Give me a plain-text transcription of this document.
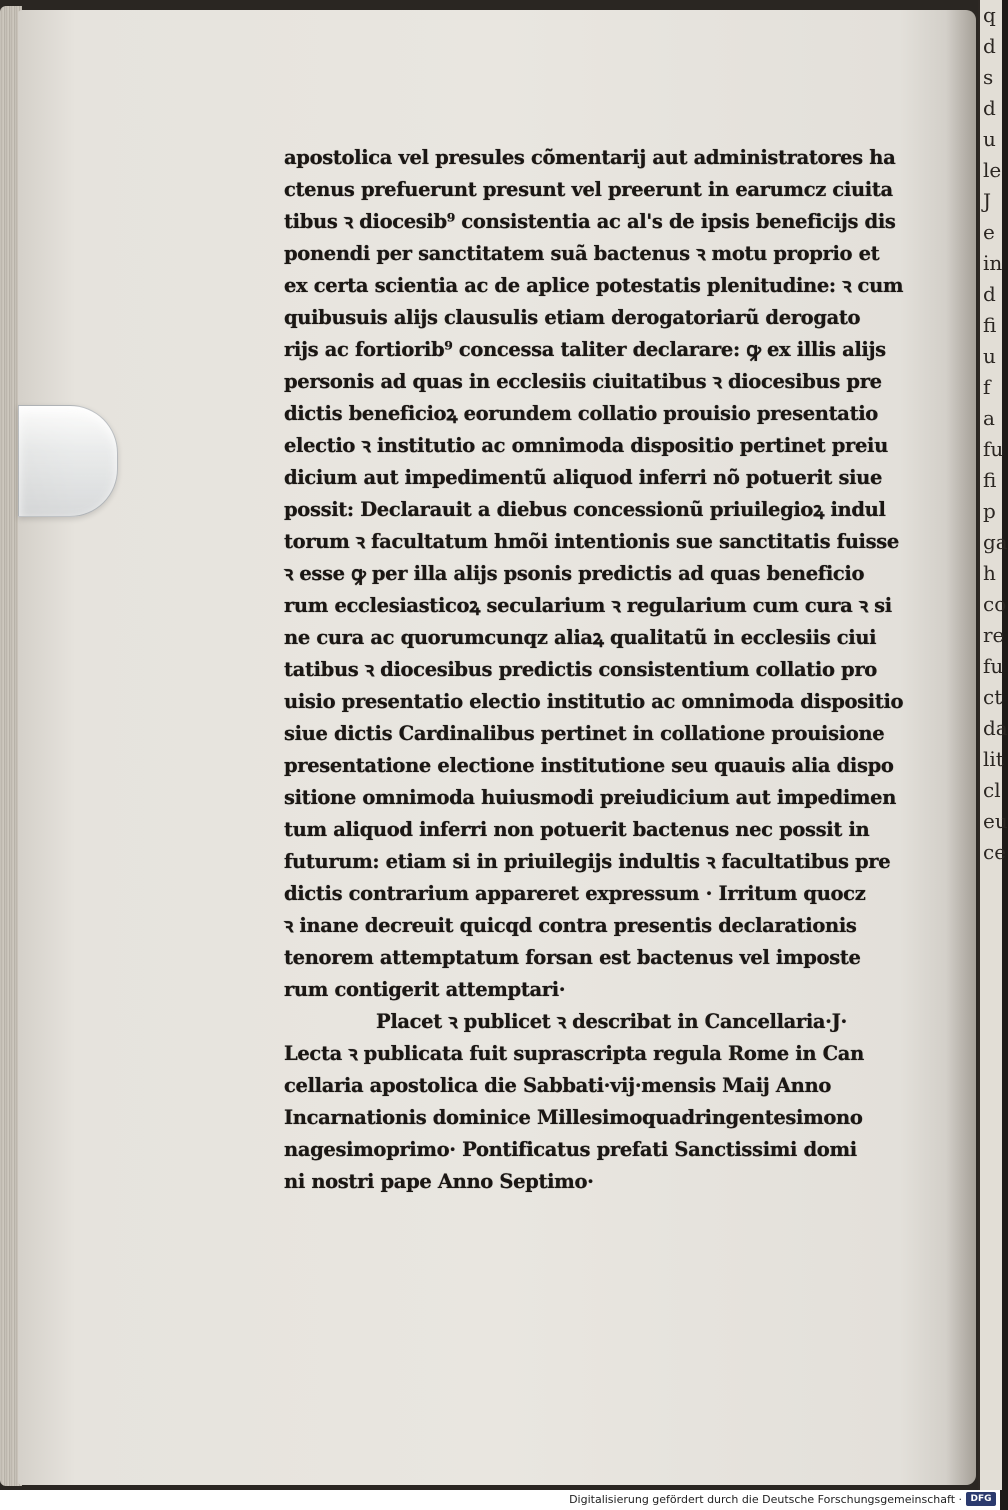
q
d
s
d
u
le
J
e
in
d
fi
u
f
a
fu
fi
p
ga
h
co
re
fu
ct
da
lit
cl
eu
ce
apostolica vel presules cõmentarij aut administratores ha
ctenus prefuerunt presunt vel preerunt in earumcz ciuita
tibus ꝛ diocesib⁹ consistentia ac al's de ipsis beneficijs dis
ponendi per sanctitatem suã bactenus ꝛ motu proprio et
ex certa scientia ac de aplice potestatis plenitudine: ꝛ cum
quibusuis alijs clausulis etiam derogatoriarũ derogato
rijs ac fortiorib⁹ concessa taliter declarare: ꝙ ex illis alijs
personis ad quas in ecclesiis ciuitatibus ꝛ diocesibus pre
dictis beneficioꝝ eorundem collatio prouisio presentatio
electio ꝛ institutio ac omnimoda dispositio pertinet preiu
dicium aut impedimentũ aliquod inferri nõ potuerit siue
possit: Declarauit a diebus concessionũ priuilegioꝝ indul
torum ꝛ facultatum hmõi intentionis sue sanctitatis fuisse
ꝛ esse ꝙ per illa alijs psonis predictis ad quas beneficio
rum ecclesiasticoꝝ secularium ꝛ regularium cum cura ꝛ si
ne cura ac quorumcunqz aliaꝝ qualitatũ in ecclesiis ciui
tatibus ꝛ diocesibus predictis consistentium collatio pro
uisio presentatio electio institutio ac omnimoda dispositio
siue dictis Cardinalibus pertinet in collatione prouisione
presentatione electione institutione seu quauis alia dispo
sitione omnimoda huiusmodi preiudicium aut impedimen
tum aliquod inferri non potuerit bactenus nec possit in
futurum: etiam si in priuilegijs indultis ꝛ facultatibus pre
dictis contrarium appareret expressum · Irritum quocz
ꝛ inane decreuit quicqd contra presentis declarationis
tenorem attemptatum forsan est bactenus vel imposte
rum contigerit attemptari·
Placet ꝛ publicet ꝛ describat in Cancellaria·J·
Lecta ꝛ publicata fuit suprascripta regula Rome in Can
cellaria apostolica die Sabbati·vij·mensis Maij Anno
Incarnationis dominice Millesimoquadringentesimono
nagesimoprimo· Pontificatus prefati Sanctissimi domi
ni nostri pape Anno Septimo·
Digitalisierung gefördert durch die Deutsche Forschungsgemeinschaft · DFG
